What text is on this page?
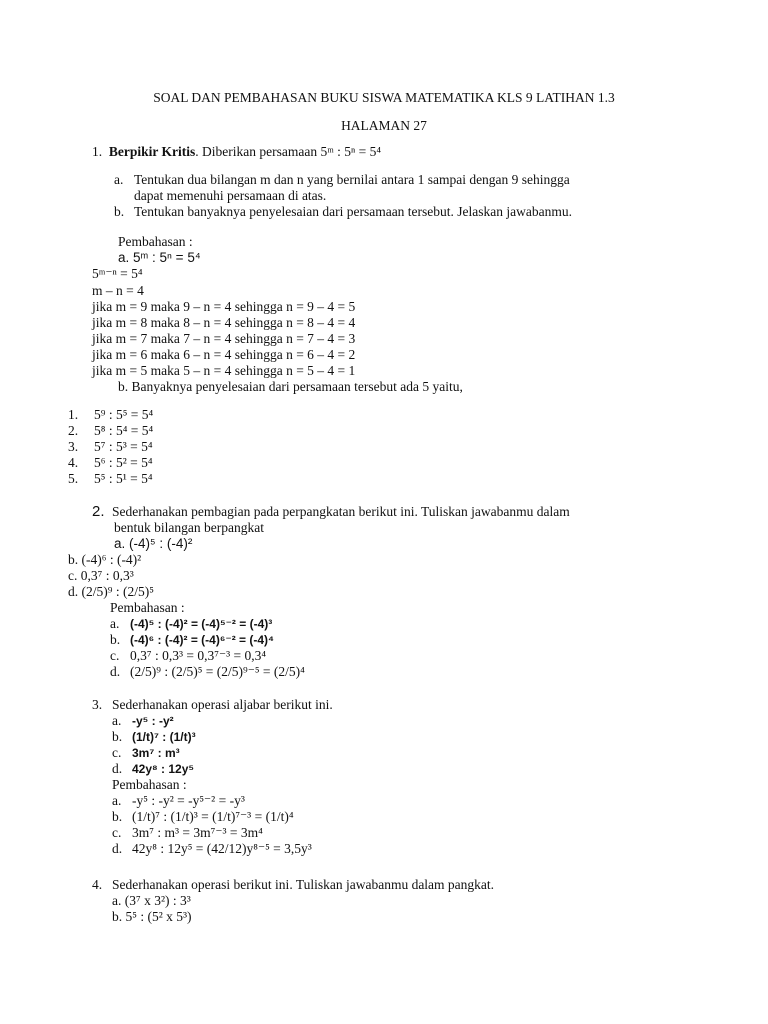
SOAL DAN PEMBAHASAN BUKU SISWA MATEMATIKA KLS 9 LATIHAN 1.3
HALAMAN 27
1. Berpikir Kritis. Diberikan persamaan 5ᵐ : 5ⁿ = 5⁴
a. Tentukan dua bilangan m dan n yang bernilai antara 1 sampai dengan 9 sehingga
dapat memenuhi persamaan di atas.
b. Tentukan banyaknya penyelesaian dari persamaan tersebut. Jelaskan jawabanmu.
Pembahasan :
a. 5ᵐ : 5ⁿ = 5⁴
5ᵐ⁻ⁿ = 5⁴
m – n = 4
jika m = 9 maka 9 – n = 4 sehingga n = 9 – 4 = 5
jika m = 8 maka 8 – n = 4 sehingga n = 8 – 4 = 4
jika m = 7 maka 7 – n = 4 sehingga n = 7 – 4 = 3
jika m = 6 maka 6 – n = 4 sehingga n = 6 – 4 = 2
jika m = 5 maka 5 – n = 4 sehingga n = 5 – 4 = 1
b. Banyaknya penyelesaian dari persamaan tersebut ada 5 yaitu,
1. 5⁹ : 5⁵ = 5⁴
2. 5⁸ : 5⁴ = 5⁴
3. 5⁷ : 5³ = 5⁴
4. 5⁶ : 5² = 5⁴
5. 5⁵ : 5¹ = 5⁴
2. Sederhanakan pembagian pada perpangkatan berikut ini. Tuliskan jawabanmu dalam
bentuk bilangan berpangkat
a. (-4)⁵ : (-4)²
b. (-4)⁶ : (-4)²
c. 0,3⁷ : 0,3³
d. (2/5)⁹ : (2/5)⁵
Pembahasan :
a. (-4)⁵ : (-4)² = (-4)⁵⁻² = (-4)³
b. (-4)⁶ : (-4)² = (-4)⁶⁻² = (-4)⁴
c. 0,3⁷ : 0,3³ = 0,3⁷⁻³ = 0,3⁴
d. (2/5)⁹ : (2/5)⁵ = (2/5)⁹⁻⁵ = (2/5)⁴
3. Sederhanakan operasi aljabar berikut ini.
a. -y⁵ : -y²
b. (1/t)⁷ : (1/t)³
c. 3m⁷ : m³
d. 42y⁸ : 12y⁵
Pembahasan :
a. -y⁵ : -y² = -y⁵⁻² = -y³
b. (1/t)⁷ : (1/t)³ = (1/t)⁷⁻³ = (1/t)⁴
c. 3m⁷ : m³ = 3m⁷⁻³ = 3m⁴
d. 42y⁸ : 12y⁵ = (42/12)y⁸⁻⁵ = 3,5y³
4. Sederhanakan operasi berikut ini. Tuliskan jawabanmu dalam pangkat.
a. (3⁷ x 3²) : 3³
b. 5⁵ : (5² x 5³)
